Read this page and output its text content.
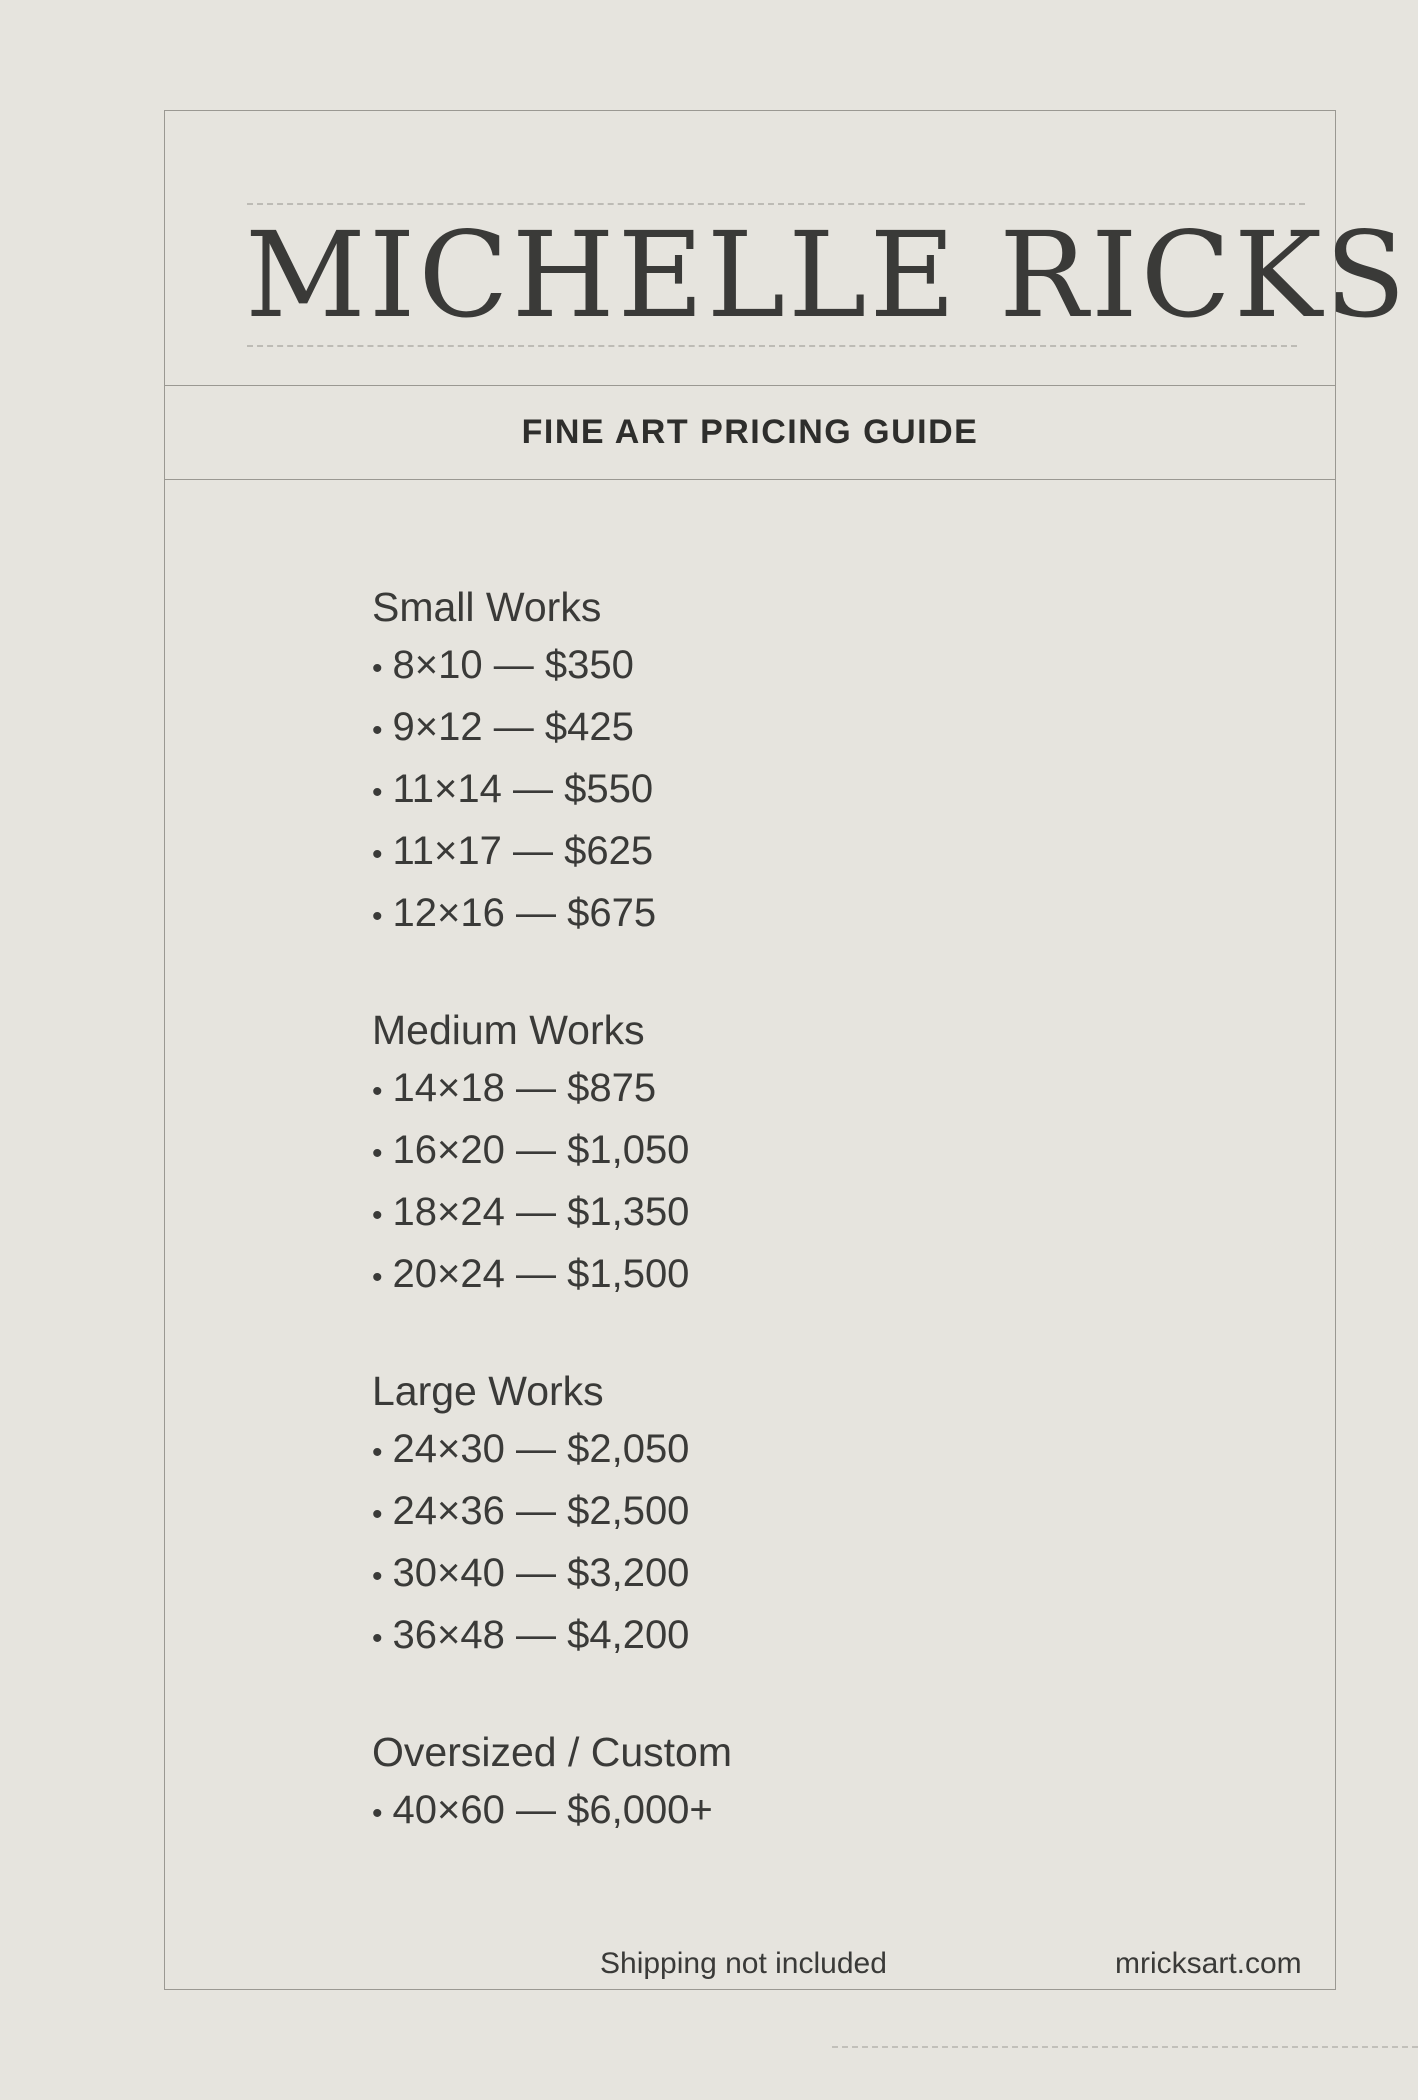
MICHELLE RICKS
FINE ART PRICING GUIDE
Small Works
• 8×10 — $350
• 9×12 — $425
• 11×14 — $550
• 11×17 — $625
• 12×16 — $675
Medium Works
• 14×18 — $875
• 16×20 — $1,050
• 18×24 — $1,350
• 20×24 — $1,500
Large Works
• 24×30 — $2,050
• 24×36 — $2,500
• 30×40 — $3,200
• 36×48 — $4,200
Oversized / Custom
• 40×60 — $6,000+
Shipping not included	mricksart.com
